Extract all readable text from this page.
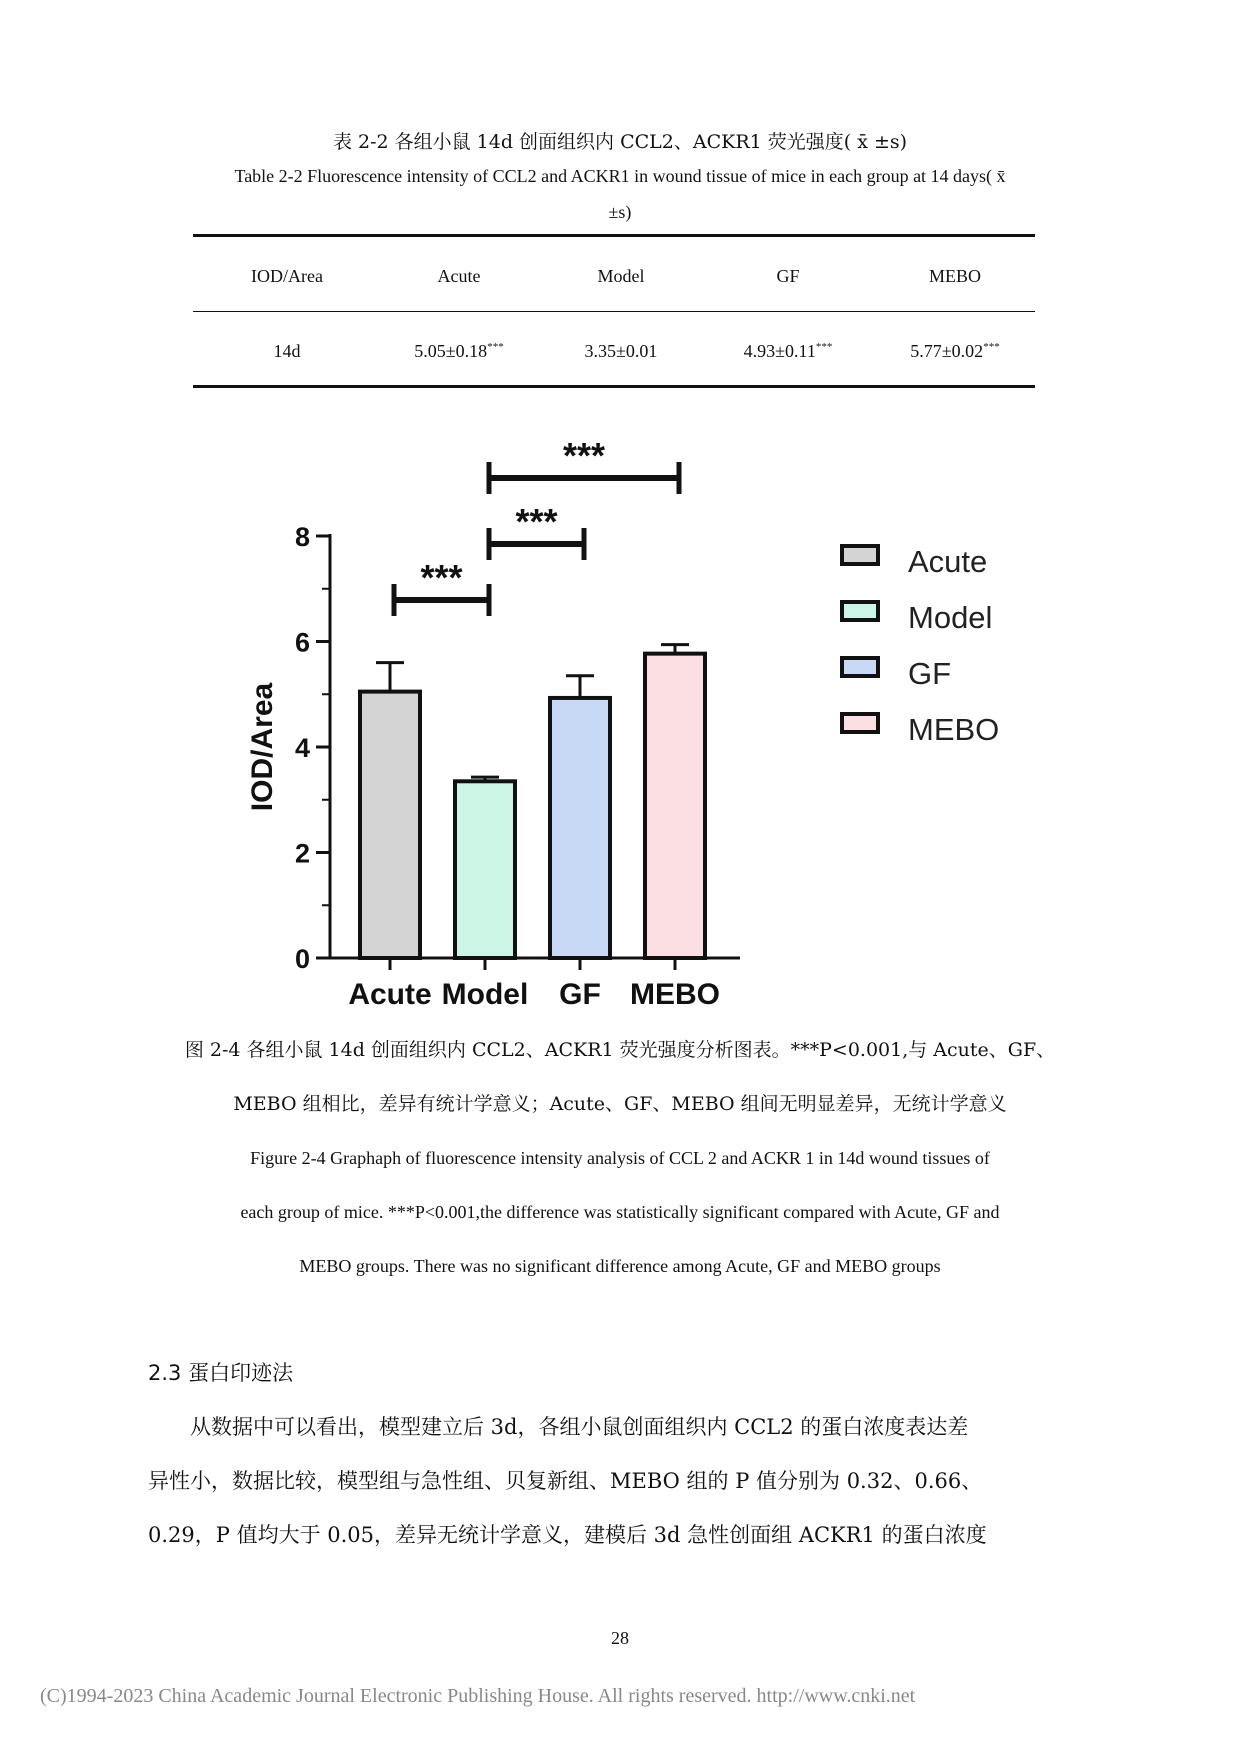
表 2-2 各组小鼠 14d 创面组织内 CCL2、ACKR1 荧光强度( x̄ ±s)
Table 2-2 Fluorescence intensity of CCL2 and ACKR1 in wound tissue of mice in each group at 14 days( x̄
±s)
IOD/Area	Acute	Model	GF	MEBO
14d	5.05±0.18***	3.35±0.01	4.93±0.11***	5.77±0.02***
0
2
4
6
8
IOD/Area
Acute Model GF MEBO
***
***
***
Acute
Model
GF
MEBO
图 2-4 各组小鼠 14d 创面组织内 CCL2、ACKR1 荧光强度分析图表。***P<0.001,与 Acute、GF、
MEBO 组相比，差异有统计学意义；Acute、GF、MEBO 组间无明显差异，无统计学意义
Figure 2-4 Graphaph of fluorescence intensity analysis of CCL 2 and ACKR 1 in 14d wound tissues of
each group of mice. ***P<0.001,the difference was statistically significant compared with Acute, GF and
MEBO groups. There was no significant difference among Acute, GF and MEBO groups
2.3 蛋白印迹法
从数据中可以看出，模型建立后 3d，各组小鼠创面组织内 CCL2 的蛋白浓度表达差
异性小，数据比较，模型组与急性组、贝复新组、MEBO 组的 P 值分别为 0.32、0.66、
0.29，P 值均大于 0.05，差异无统计学意义，建模后 3d 急性创面组 ACKR1 的蛋白浓度
28
(C)1994-2023 China Academic Journal Electronic Publishing House. All rights reserved. http://www.cnki.net
